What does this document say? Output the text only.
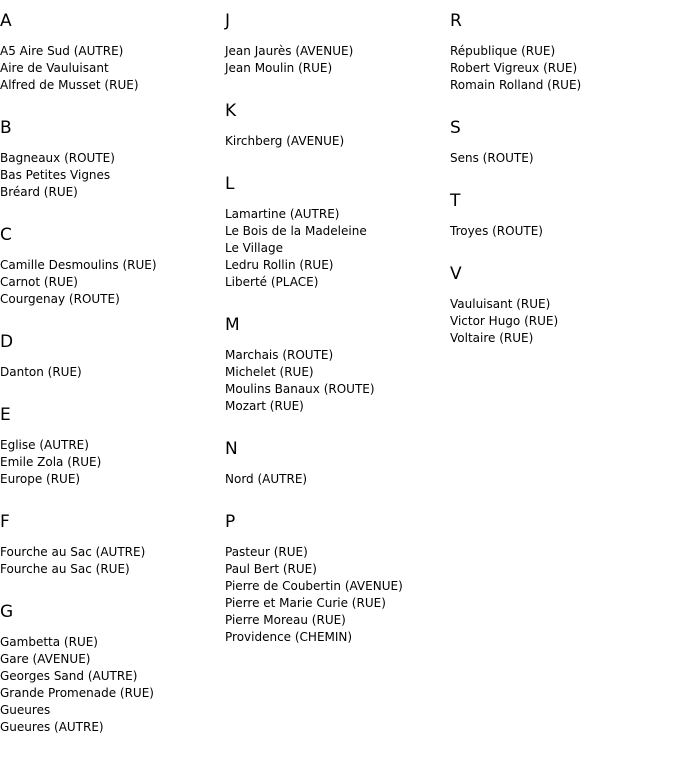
A
A5 Aire Sud (AUTRE)
Aire de Vauluisant
Alfred de Musset (RUE)
B
Bagneaux (ROUTE)
Bas Petites Vignes
Bréard (RUE)
C
Camille Desmoulins (RUE)
Carnot (RUE)
Courgenay (ROUTE)
D
Danton (RUE)
E
Eglise (AUTRE)
Emile Zola (RUE)
Europe (RUE)
F
Fourche au Sac (AUTRE)
Fourche au Sac (RUE)
G
Gambetta (RUE)
Gare (AVENUE)
Georges Sand (AUTRE)
Grande Promenade (RUE)
Gueures
Gueures (AUTRE)
J
Jean Jaurès (AVENUE)
Jean Moulin (RUE)
K
Kirchberg (AVENUE)
L
Lamartine (AUTRE)
Le Bois de la Madeleine
Le Village
Ledru Rollin (RUE)
Liberté (PLACE)
M
Marchais (ROUTE)
Michelet (RUE)
Moulins Banaux (ROUTE)
Mozart (RUE)
N
Nord (AUTRE)
P
Pasteur (RUE)
Paul Bert (RUE)
Pierre de Coubertin (AVENUE)
Pierre et Marie Curie (RUE)
Pierre Moreau (RUE)
Providence (CHEMIN)
R
République (RUE)
Robert Vigreux (RUE)
Romain Rolland (RUE)
S
Sens (ROUTE)
T
Troyes (ROUTE)
V
Vauluisant (RUE)
Victor Hugo (RUE)
Voltaire (RUE)
